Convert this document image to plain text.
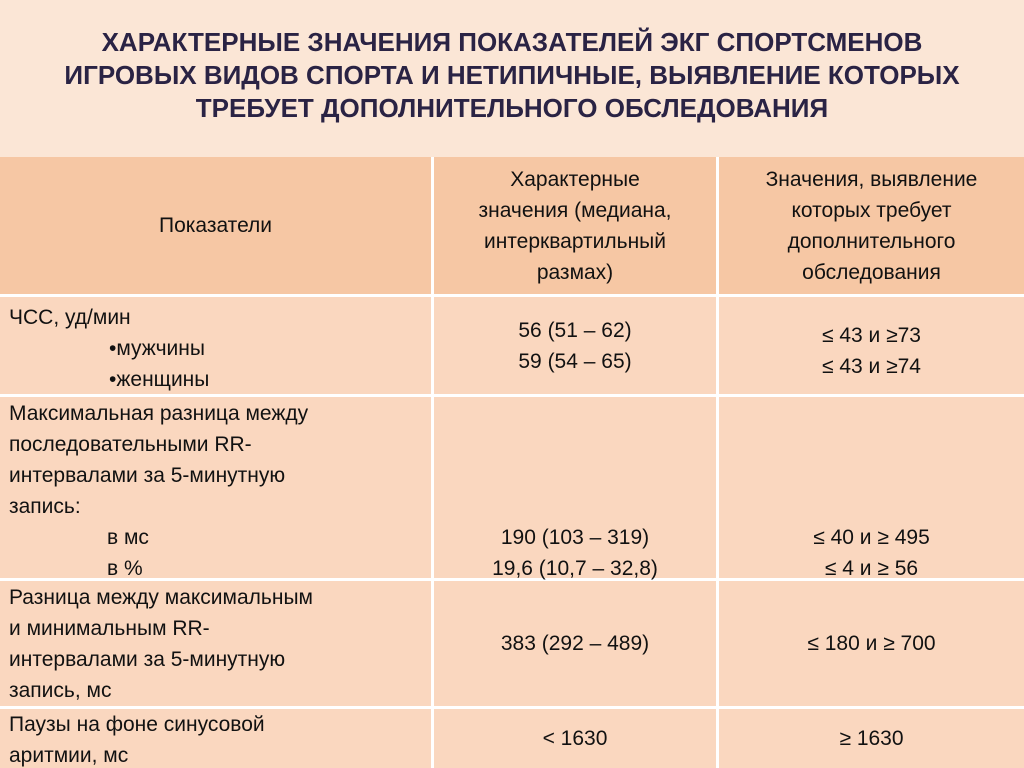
ХАРАКТЕРНЫЕ ЗНАЧЕНИЯ ПОКАЗАТЕЛЕЙ ЭКГ СПОРТСМЕНОВ
ИГРОВЫХ ВИДОВ СПОРТА И НЕТИПИЧНЫЕ, ВЫЯВЛЕНИЕ КОТОРЫХ
ТРЕБУЕТ ДОПОЛНИТЕЛЬНОГО ОБСЛЕДОВАНИЯ
Показатели
Характерные
значения (медиана,
интерквартильный
размах)
Значения, выявление
которых требует
дополнительного
обследования
ЧСС, уд/мин
•мужчины
•женщины
56 (51 – 62)
59 (54 – 65)
≤ 43 и ≥73
≤ 43 и ≥74
Максимальная разница между
последовательными RR-
интервалами за 5-минутную
запись:
в мс
в %
190 (103 – 319)
19,6 (10,7 – 32,8)
≤ 40 и ≥ 495
≤ 4 и ≥ 56
Разница между максимальным
и минимальным RR-
интервалами за 5-минутную
запись, мс
383 (292 – 489)	≤ 180 и ≥ 700
Паузы на фоне синусовой
аритмии, мс
< 1630	≥ 1630
